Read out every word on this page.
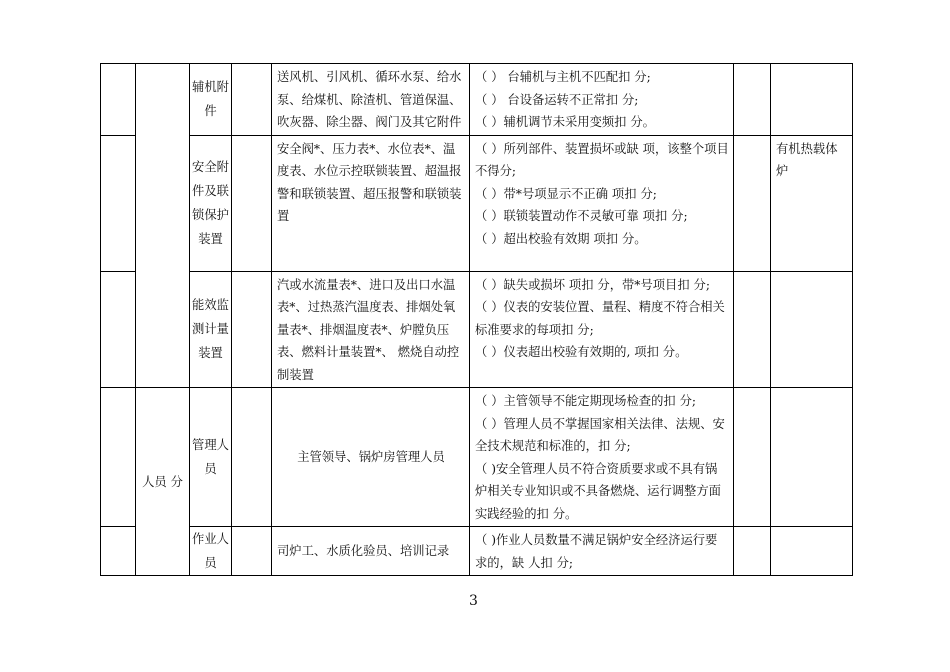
		辅机附件		送风机、引风机、循环水泵、给水泵、给煤机、除渣机、管道保温、吹灰器、除尘器、阀门及其它附件	（ ） 台辅机与主机不匹配扣 分;
（ ） 台设备运转不正常扣 分;
（ ）辅机调节未采用变频扣 分。		

		安全附件及联锁保护装置		安全阀*、压力表*、水位表*、温度表、水位示控联锁装置、超温报警和联锁装置、超压报警和联锁装置	（ ）所列部件、装置损坏或缺 项，该整个项目不得分;
（ ）带*号项显示不正确 项扣 分;
（ ）联锁装置动作不灵敏可靠 项扣 分;
（ ）超出校验有效期 项扣 分。		有机热载体炉
		能效监测计量装置		汽或水流量表*、进口及出口水温表*、过热蒸汽温度表、排烟处氧量表*、排烟温度表*、炉膛负压表、燃料计量装置*、 燃烧自动控制装置	（ ）缺失或损坏 项扣 分，带*号项目扣 分;
（ ）仪表的安装位置、量程、精度不符合相关标准要求的每项扣 分;
（ ）仪表超出校验有效期的, 项扣 分。		

	人员 分	管理人员		主管领导、锅炉房管理人员	（ ）主管领导不能定期现场检查的扣 分;
（ ）管理人员不掌握国家相关法律、法规、安全技术规范和标准的，扣 分;
（ )安全管理人员不符合资质要求或不具有锅炉相关专业知识或不具备燃烧、运行调整方面实践经验的扣 分。		

		作业人员		司炉工、水质化验员、培训记录	（ )作业人员数量不满足锅炉安全经济运行要求的，缺 人扣 分;		

3
